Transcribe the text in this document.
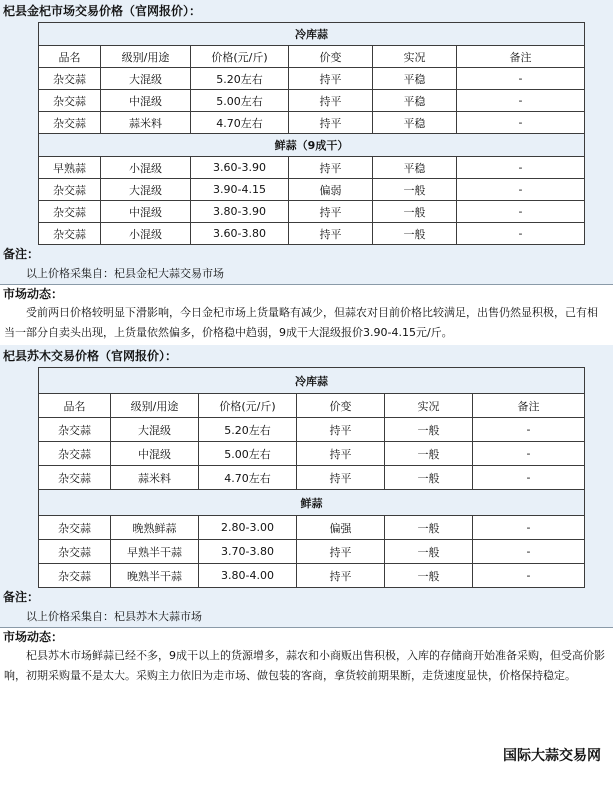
杞县金杞市场交易价格（官网报价）：
冷库蒜					
品名	级别/用途	价格(元/斤)	价变	实况	备注
杂交蒜	大混级	5.20左右	持平	平稳	-
杂交蒜	中混级	5.00左右	持平	平稳	-
杂交蒜	蒜米料	4.70左右	持平	平稳	-
鲜蒜（9成干）					
早熟蒜	小混级	3.60-3.90	持平	平稳	-
杂交蒜	大混级	3.90-4.15	偏弱	一般	-
杂交蒜	中混级	3.80-3.90	持平	一般	-
杂交蒜	小混级	3.60-3.80	持平	一般	-
备注：
以上价格采集自：杞县金杞大蒜交易市场
市场动态：
受前两日价格较明显下滑影响，今日金杞市场上货量略有减少，但蒜农对目前价格比较满足，出售仍然显积极，己有相当一部分自卖头出现，上货量依然偏多，价格稳中趋弱，9成干大混级报价3.90-4.15元/斤。
杞县苏木交易价格（官网报价）：
冷库蒜					
品名	级别/用途	价格(元/斤)	价变	实况	备注
杂交蒜	大混级	5.20左右	持平	一般	-
杂交蒜	中混级	5.00左右	持平	一般	-
杂交蒜	蒜米料	4.70左右	持平	一般	-
鲜蒜					
杂交蒜	晚熟鲜蒜	2.80-3.00	偏强	一般	-
杂交蒜	早熟半干蒜	3.70-3.80	持平	一般	-
杂交蒜	晚熟半干蒜	3.80-4.00	持平	一般	-
备注：
以上价格采集自：杞县苏木大蒜市场
市场动态：
杞县苏木市场鲜蒜已经不多，9成干以上的货源增多，蒜农和小商贩出售积极，入库的存储商开始准备采购，但受高价影响，初期采购量不是太大。采购主力依旧为走市场、做包装的客商，拿货较前期果断，走货速度显快，价格保持稳定。
国际大蒜交易网
